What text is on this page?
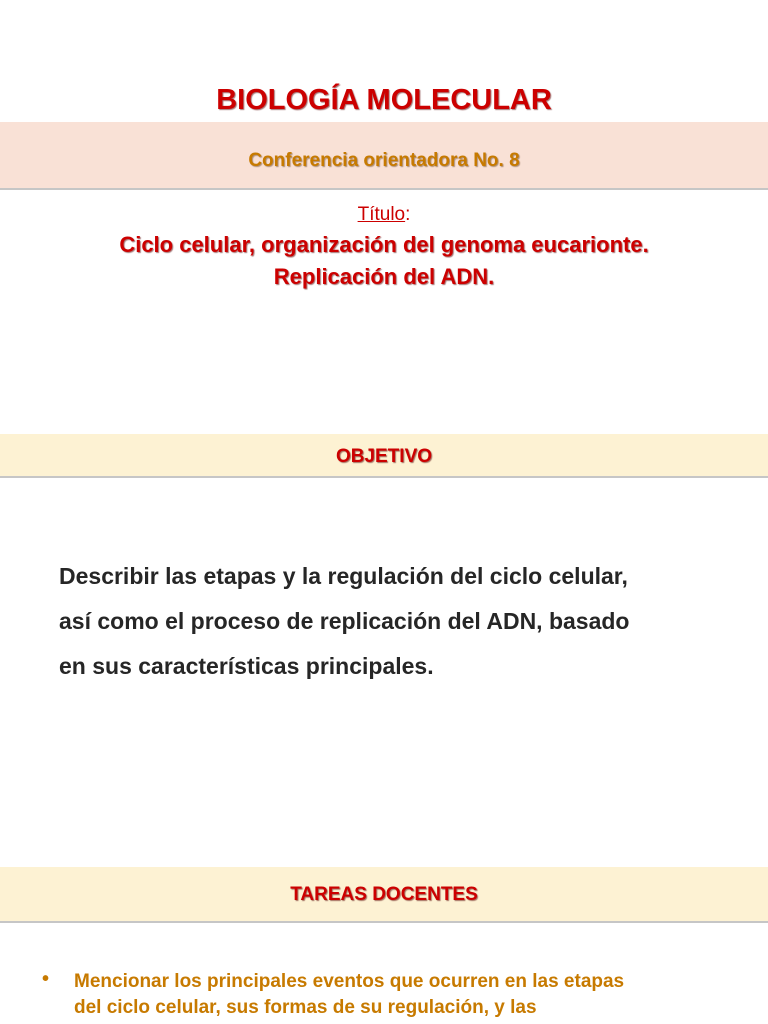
BIOLOGÍA MOLECULAR
Conferencia orientadora No. 8
Título:
Ciclo celular, organización del genoma eucarionte.
Replicación del ADN.
OBJETIVO
Describir las etapas y la regulación del ciclo celular,
así como el proceso de replicación del ADN, basado
en sus características principales.
TAREAS DOCENTES
• Mencionar los principales eventos que ocurren en las etapas
del ciclo celular, sus formas de su regulación, y las
